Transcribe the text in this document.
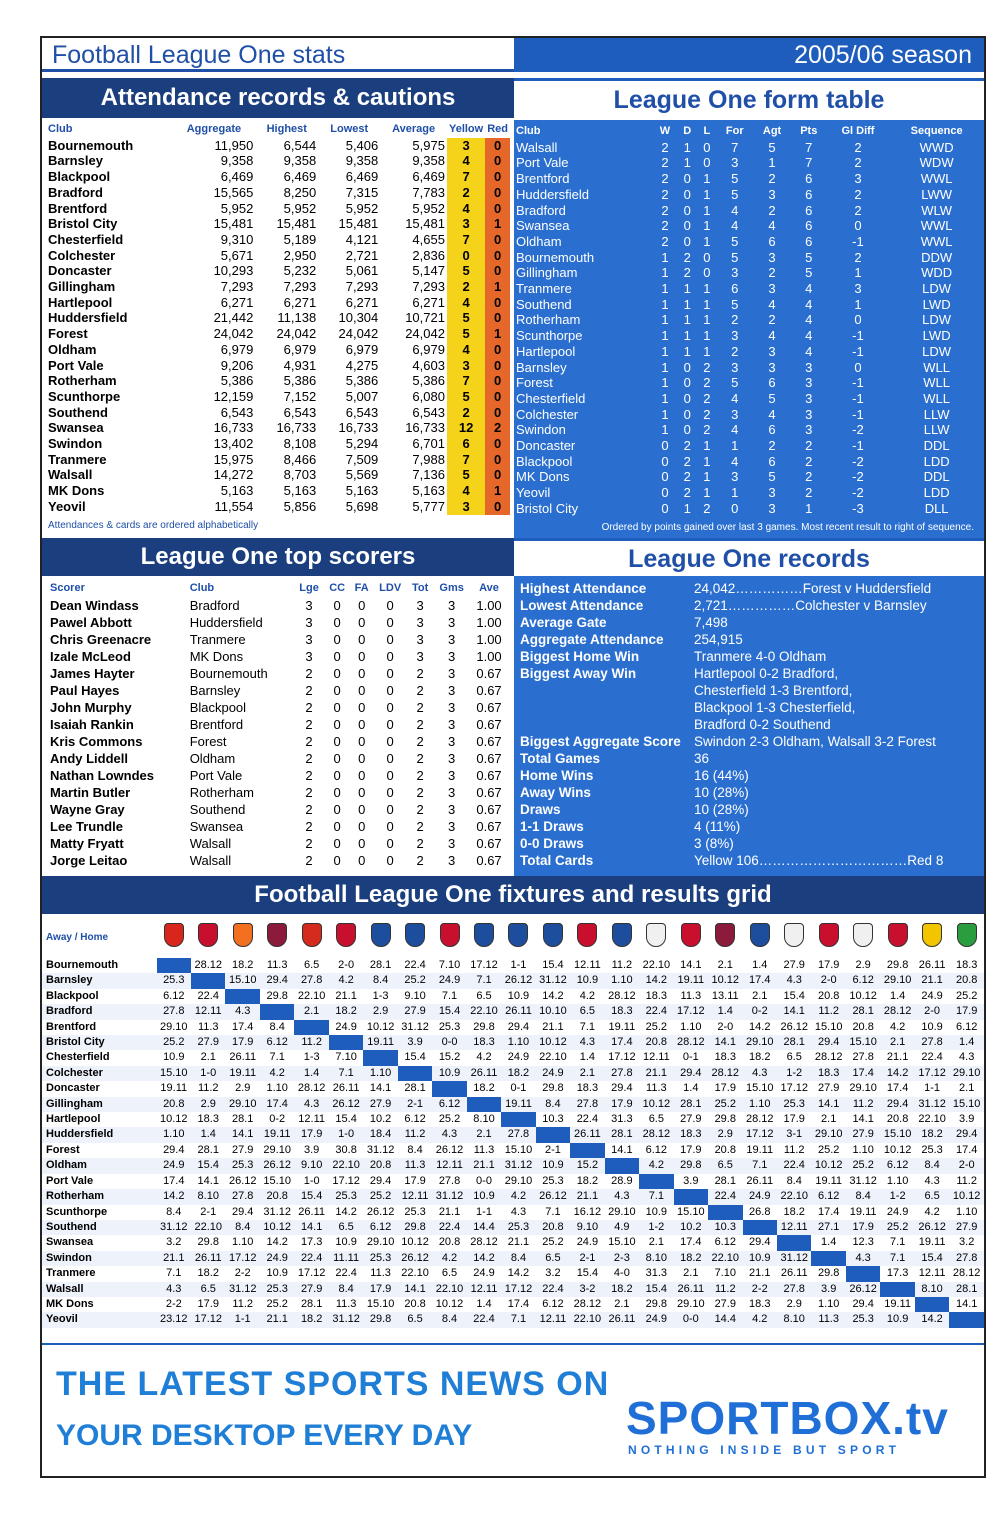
Football League One stats	2005/06 season
Attendance records & cautions
Club	Aggregate	Highest	Lowest	Average	Yellow	Red
Bournemouth	11,950	6,544	5,406	5,975	3	0
Barnsley	9,358	9,358	9,358	9,358	4	0
Blackpool	6,469	6,469	6,469	6,469	7	0
Bradford	15,565	8,250	7,315	7,783	2	0
Brentford	5,952	5,952	5,952	5,952	4	0
Bristol City	15,481	15,481	15,481	15,481	3	1
Chesterfield	9,310	5,189	4,121	4,655	7	0
Colchester	5,671	2,950	2,721	2,836	0	0
Doncaster	10,293	5,232	5,061	5,147	5	0
Gillingham	7,293	7,293	7,293	7,293	2	1
Hartlepool	6,271	6,271	6,271	6,271	4	0
Huddersfield	21,442	11,138	10,304	10,721	5	0
Forest	24,042	24,042	24,042	24,042	5	1
Oldham	6,979	6,979	6,979	6,979	4	0
Port Vale	9,206	4,931	4,275	4,603	3	0
Rotherham	5,386	5,386	5,386	5,386	7	0
Scunthorpe	12,159	7,152	5,007	6,080	5	0
Southend	6,543	6,543	6,543	6,543	2	0
Swansea	16,733	16,733	16,733	16,733	12	2
Swindon	13,402	8,108	5,294	6,701	6	0
Tranmere	15,975	8,466	7,509	7,988	7	0
Walsall	14,272	8,703	5,569	7,136	5	0
MK Dons	5,163	5,163	5,163	5,163	4	1
Yeovil	11,554	5,856	5,698	5,777	3	0
Attendances & cards are ordered alphabetically
League One form table
Club	W	D	L	For	Agt	Pts	Gl Diff	Sequence
Walsall	2	1	0	7	5	7	2	WWD
Port Vale	2	1	0	3	1	7	2	WDW
Brentford	2	0	1	5	2	6	3	WWL
Huddersfield	2	0	1	5	3	6	2	LWW
Bradford	2	0	1	4	2	6	2	WLW
Swansea	2	0	1	4	4	6	0	WWL
Oldham	2	0	1	5	6	6	-1	WWL
Bournemouth	1	2	0	5	3	5	2	DDW
Gillingham	1	2	0	3	2	5	1	WDD
Tranmere	1	1	1	6	3	4	3	LDW
Southend	1	1	1	5	4	4	1	LWD
Rotherham	1	1	1	2	2	4	0	LDW
Scunthorpe	1	1	1	3	4	4	-1	LWD
Hartlepool	1	1	1	2	3	4	-1	LDW
Barnsley	1	0	2	3	3	3	0	WLL
Forest	1	0	2	5	6	3	-1	WLL
Chesterfield	1	0	2	4	5	3	-1	WLL
Colchester	1	0	2	3	4	3	-1	LLW
Swindon	1	0	2	4	6	3	-2	LLW
Doncaster	0	2	1	1	2	2	-1	DDL
Blackpool	0	2	1	4	6	2	-2	LDD
MK Dons	0	2	1	3	5	2	-2	DDL
Yeovil	0	2	1	1	3	2	-2	LDD
Bristol City	0	1	2	0	3	1	-3	DLL
Ordered by points gained over last 3 games. Most recent result to right of sequence.
League One top scorers
Scorer	Club	Lge	CC	FA	LDV	Tot	Gms	Ave
Dean Windass	Bradford	3	0	0	0	3	3	1.00
Pawel Abbott	Huddersfield	3	0	0	0	3	3	1.00
Chris Greenacre	Tranmere	3	0	0	0	3	3	1.00
Izale McLeod	MK Dons	3	0	0	0	3	3	1.00
James Hayter	Bournemouth	2	0	0	0	2	3	0.67
Paul Hayes	Barnsley	2	0	0	0	2	3	0.67
John Murphy	Blackpool	2	0	0	0	2	3	0.67
Isaiah Rankin	Brentford	2	0	0	0	2	3	0.67
Kris Commons	Forest	2	0	0	0	2	3	0.67
Andy Liddell	Oldham	2	0	0	0	2	3	0.67
Nathan Lowndes	Port Vale	2	0	0	0	2	3	0.67
Martin Butler	Rotherham	2	0	0	0	2	3	0.67
Wayne Gray	Southend	2	0	0	0	2	3	0.67
Lee Trundle	Swansea	2	0	0	0	2	3	0.67
Matty Fryatt	Walsall	2	0	0	0	2	3	0.67
Jorge Leitao	Walsall	2	0	0	0	2	3	0.67
League One records
Highest Attendance	24,042……………Forest v Huddersfield
Lowest Attendance	2,721……………Colchester v Barnsley
Average Gate	7,498
Aggregate Attendance	254,915
Biggest Home Win	Tranmere 4-0 Oldham
Biggest Away Win	Hartlepool 0-2 Bradford,
Chesterfield 1-3 Brentford,
Blackpool 1-3 Chesterfield,
Bradford 0-2 Southend
Biggest Aggregate Score Swindon 2-3 Oldham, Walsall 3-2 Forest
Total Games	36
Home Wins	16 (44%)
Away Wins	10 (28%)
Draws	10 (28%)
1-1 Draws	4 (11%)
0-0 Draws	3 (8%)
Total Cards	Yellow 106……………………………Red 8
Football League One fixtures and results grid
Away / Home																								
Bournemouth		28.12	18.2	11.3	6.5	2-0	28.1	22.4	7.10	17.12	1-1	15.4	12.11	11.2	22.10	14.1	2.1	1.4	27.9	17.9	2.9	29.8	26.11	18.3
Barnsley	25.3		15.10	29.4	27.8	4.2	8.4	25.2	24.9	7.1	26.12	31.12	10.9	1.10	14.2	19.11	10.12	17.4	4.3	2-0	6.12	29.10	21.1	20.8
Blackpool	6.12	22.4		29.8	22.10	21.1	1-3	9.10	7.1	6.5	10.9	14.2	4.2	28.12	18.3	11.3	13.11	2.1	15.4	20.8	10.12	1.4	24.9	25.2
Bradford	27.8	12.11	4.3		2.1	18.2	2.9	27.9	15.4	22.10	26.11	10.10	6.5	18.3	22.4	17.12	1.4	0-2	14.1	11.2	28.1	28.12	2-0	17.9
Brentford	29.10	11.3	17.4	8.4		24.9	10.12	31.12	25.3	29.8	29.4	21.1	7.1	19.11	25.2	1.10	2-0	14.2	26.12	15.10	20.8	4.2	10.9	6.12
Bristol City	25.2	27.9	17.9	6.12	11.2		19.11	3.9	0-0	18.3	1.10	10.12	4.3	17.4	20.8	28.12	14.1	29.10	28.1	29.4	15.10	2.1	27.8	1.4
Chesterfield	10.9	2.1	26.11	7.1	1-3	7.10		15.4	15.2	4.2	24.9	22.10	1.4	17.12	12.11	0-1	18.3	18.2	6.5	28.12	27.8	21.1	22.4	4.3
Colchester	15.10	1-0	19.11	4.2	1.4	7.1	1.10		10.9	26.11	18.2	24.9	2.1	27.8	21.1	29.4	28.12	4.3	1-2	18.3	17.4	14.2	17.12	29.10
Doncaster	19.11	11.2	2.9	1.10	28.12	26.11	14.1	28.1		18.2	0-1	29.8	18.3	29.4	11.3	1.4	17.9	15.10	17.12	27.9	29.10	17.4	1-1	2.1
Gillingham	20.8	2.9	29.10	17.4	4.3	26.12	27.9	2-1	6.12		19.11	8.4	27.8	17.9	10.12	28.1	25.2	1.10	25.3	14.1	11.2	29.4	31.12	15.10
Hartlepool	10.12	18.3	28.1	0-2	12.11	15.4	10.2	6.12	25.2	8.10		10.3	22.4	31.3	6.5	27.9	29.8	28.12	17.9	2.1	14.1	20.8	22.10	3.9
Huddersfield	1.10	1.4	14.1	19.11	17.9	1-0	18.4	11.2	4.3	2.1	27.8		26.11	28.1	28.12	18.3	2.9	17.12	3-1	29.10	27.9	15.10	18.2	29.4
Forest	29.4	28.1	27.9	29.10	3.9	30.8	31.12	8.4	26.12	11.3	15.10	2-1		14.1	6.12	17.9	20.8	19.11	11.2	25.2	1.10	10.12	25.3	17.4
Oldham	24.9	15.4	25.3	26.12	9.10	22.10	20.8	11.3	12.11	21.1	31.12	10.9	15.2		4.2	29.8	6.5	7.1	22.4	10.12	25.2	6.12	8.4	2-0
Port Vale	17.4	14.1	26.12	15.10	1-0	17.12	29.4	17.9	27.8	0-0	29.10	25.3	18.2	28.9		3.9	28.1	26.11	8.4	19.11	31.12	1.10	4.3	11.2
Rotherham	14.2	8.10	27.8	20.8	15.4	25.3	25.2	12.11	31.12	10.9	4.2	26.12	21.1	4.3	7.1		22.4	24.9	22.10	6.12	8.4	1-2	6.5	10.12
Scunthorpe	8.4	2-1	29.4	31.12	26.11	14.2	26.12	25.3	21.1	1-1	4.3	7.1	16.12	29.10	10.9	15.10		26.8	18.2	17.4	19.11	24.9	4.2	1.10
Southend	31.12	22.10	8.4	10.12	14.1	6.5	6.12	29.8	22.4	14.4	25.3	20.8	9.10	4.9	1-2	10.2	10.3		12.11	27.1	17.9	25.2	26.12	27.9
Swansea	3.2	29.8	1.10	14.2	17.3	10.9	29.10	10.12	20.8	28.12	21.1	25.2	24.9	15.10	2.1	17.4	6.12	29.4		1.4	12.3	7.1	19.11	3.2
Swindon	21.1	26.11	17.12	24.9	22.4	11.11	25.3	26.12	4.2	14.2	8.4	6.5	2-1	2-3	8.10	18.2	22.10	10.9	31.12		4.3	7.1	15.4	27.8
Tranmere	7.1	18.2	2-2	10.9	17.12	22.4	11.3	22.10	6.5	24.9	14.2	3.2	15.4	4-0	31.3	2.1	7.10	21.1	26.11	29.8		17.3	12.11	28.12
Walsall	4.3	6.5	31.12	25.3	27.9	8.4	17.9	14.1	22.10	12.11	17.12	22.4	3-2	18.2	15.4	26.11	11.2	2-2	27.8	3.9	26.12		8.10	28.1
MK Dons	2-2	17.9	11.2	25.2	28.1	11.3	15.10	20.8	10.12	1.4	17.4	6.12	28.12	2.1	29.8	29.10	27.9	18.3	2.9	1.10	29.4	19.11		14.1
Yeovil	23.12	17.12	1-1	21.1	18.2	31.12	29.8	6.5	8.4	22.4	7.1	12.11	22.10	26.11	24.9	0-0	14.4	4.2	8.10	11.3	25.3	10.9	14.2	
THE LATEST SPORTS NEWS ON
YOUR DESKTOP EVERY DAY	SPORTBOX.tv
NOTHING INSIDE BUT SPORT
